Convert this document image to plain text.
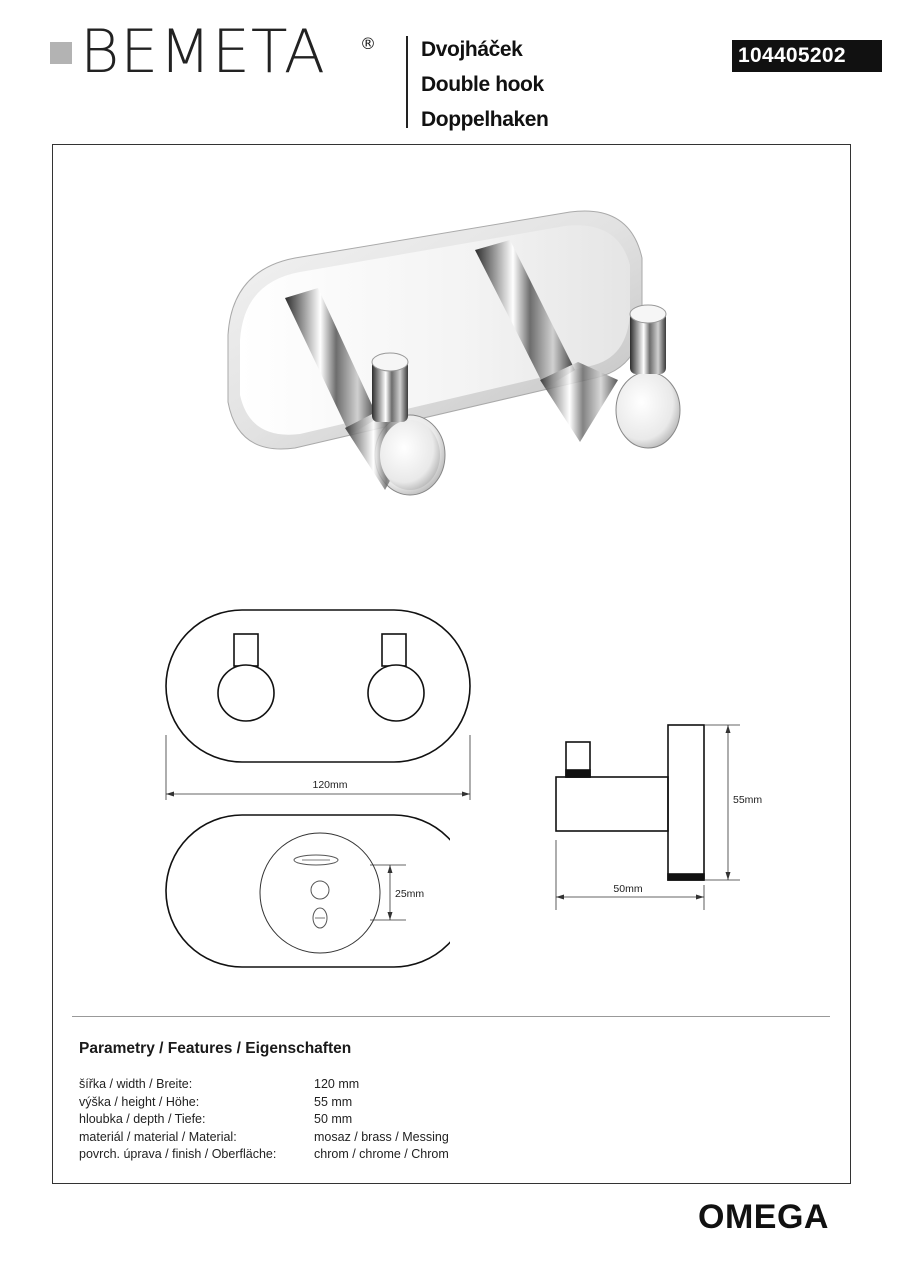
BEMETA ® Dvojháček
Double hook
Doppelhaken
104405202
120mm
25mm
55mm
50mm
Parametry / Features / Eigenschaften
šířka / width / Breite:	120 mm
výška / height / Höhe:	55 mm
hloubka / depth / Tiefe:	50 mm
materiál / material / Material:	mosaz / brass / Messing
povrch. úprava / finish / Oberfläche:	chrom / chrome / Chrom
OMEGA
